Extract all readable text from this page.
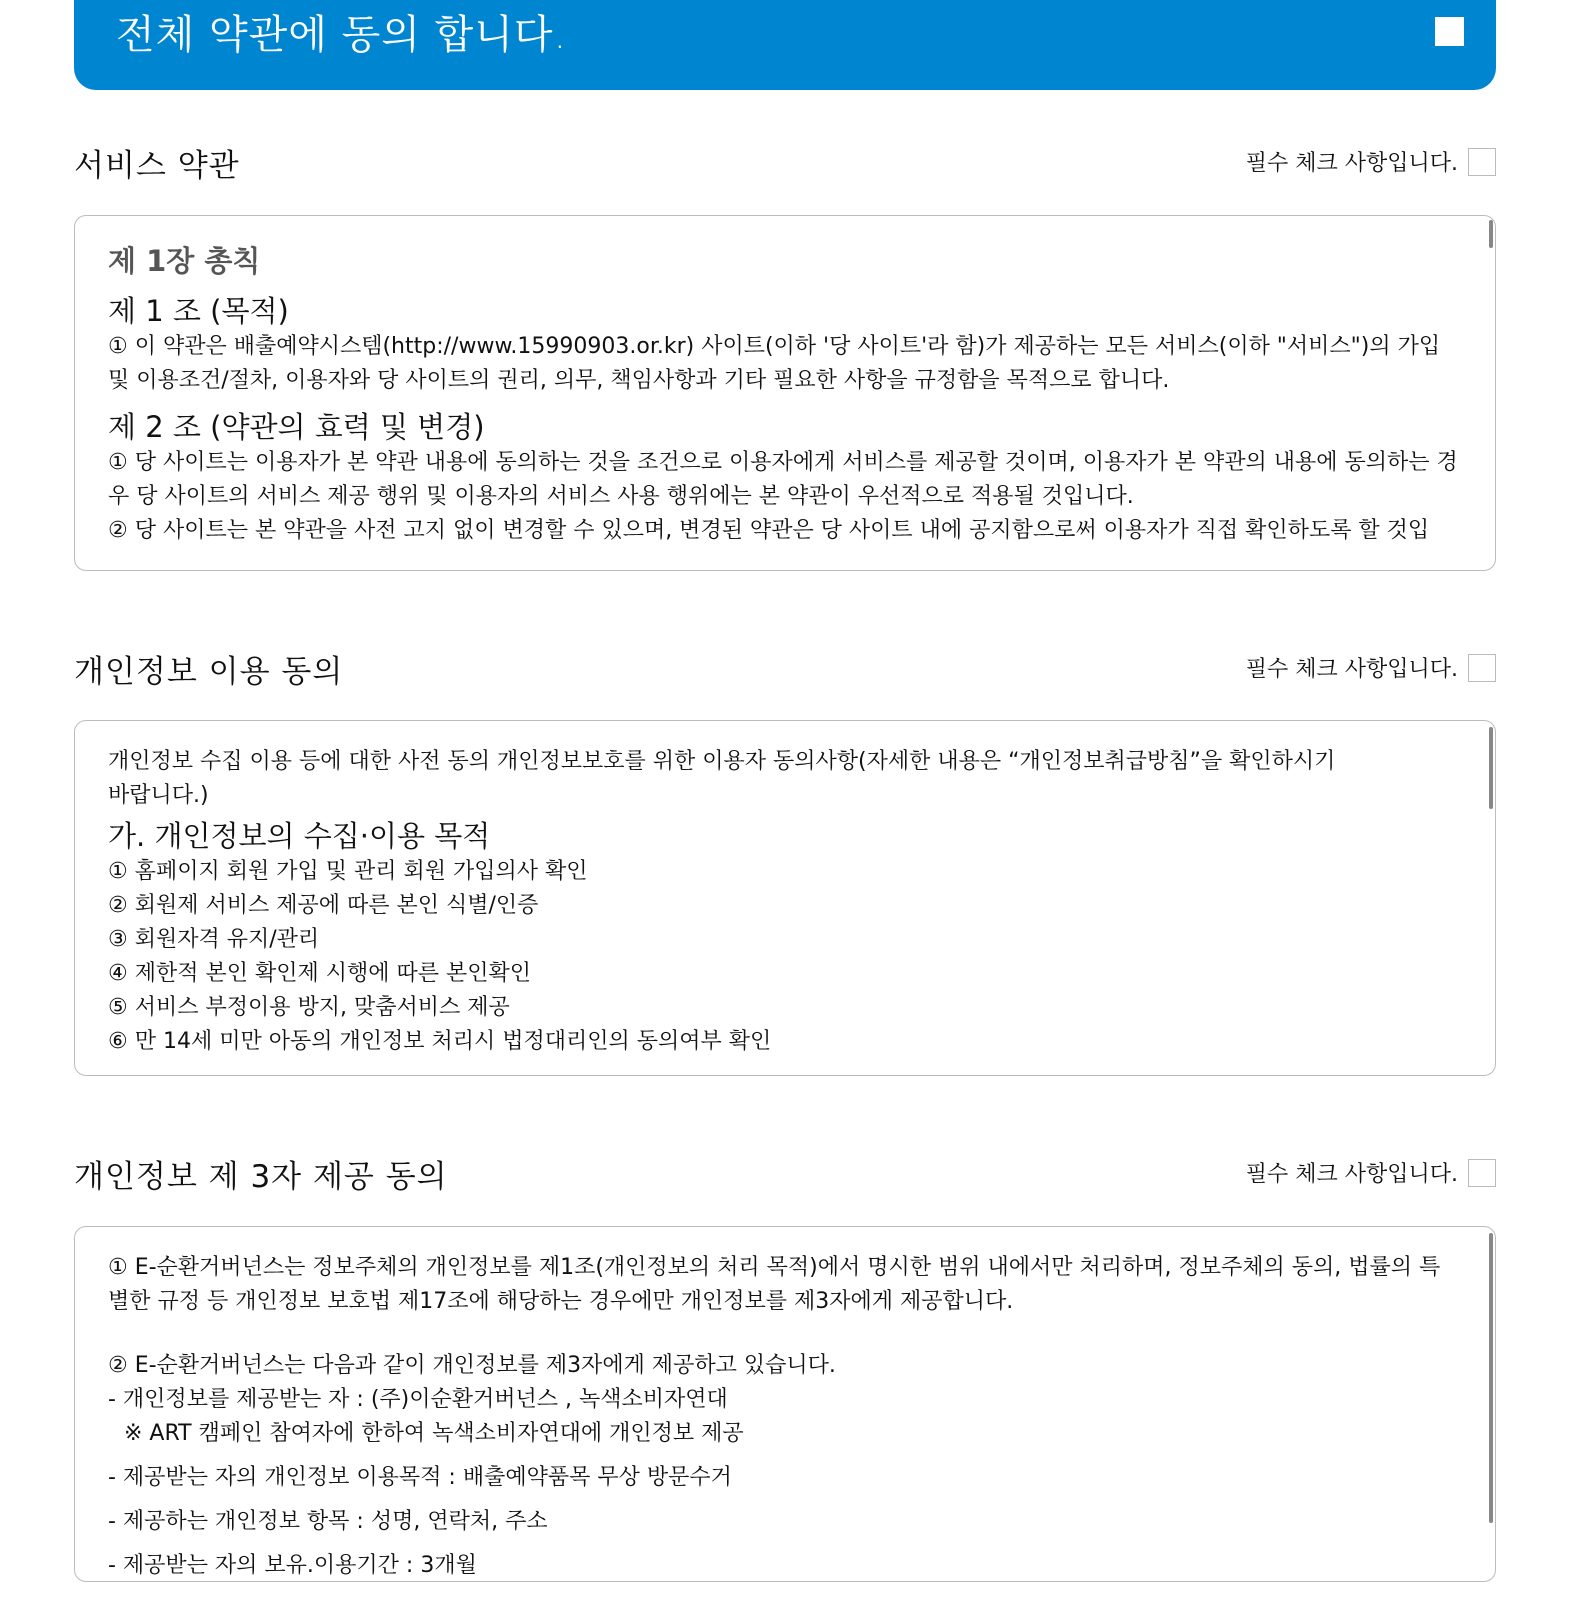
전체 약관에 동의 합니다.
서비스 약관	필수 체크 사항입니다.
제 1장 총칙
제 1 조 (목적)
① 이 약관은 배출예약시스템(http://www.15990903.or.kr) 사이트(이하 '당 사이트'라 함)가 제공하는 모든 서비스(이하 "서비스")의 가입 및 이용조건/절차, 이용자와 당 사이트의 권리, 의무, 책임사항과 기타 필요한 사항을 규정함을 목적으로 합니다.
제 2 조 (약관의 효력 및 변경)
① 당 사이트는 이용자가 본 약관 내용에 동의하는 것을 조건으로 이용자에게 서비스를 제공할 것이며, 이용자가 본 약관의 내용에 동의하는 경우 당 사이트의 서비스 제공 행위 및 이용자의 서비스 사용 행위에는 본 약관이 우선적으로 적용될 것입니다.
② 당 사이트는 본 약관을 사전 고지 없이 변경할 수 있으며, 변경된 약관은 당 사이트 내에 공지함으로써 이용자가 직접 확인하도록 할 것입
개인정보 이용 동의	필수 체크 사항입니다.
개인정보 수집 이용 등에 대한 사전 동의 개인정보보호를 위한 이용자 동의사항(자세한 내용은 “개인정보취급방침”을 확인하시기 바랍니다.)
가. 개인정보의 수집·이용 목적
① 홈페이지 회원 가입 및 관리 회원 가입의사 확인
② 회원제 서비스 제공에 따른 본인 식별/인증
③ 회원자격 유지/관리
④ 제한적 본인 확인제 시행에 따른 본인확인
⑤ 서비스 부정이용 방지, 맞춤서비스 제공
⑥ 만 14세 미만 아동의 개인정보 처리시 법정대리인의 동의여부 확인
개인정보 제 3자 제공 동의	필수 체크 사항입니다.
① E-순환거버넌스는 정보주체의 개인정보를 제1조(개인정보의 처리 목적)에서 명시한 범위 내에서만 처리하며, 정보주체의 동의, 법률의 특별한 규정 등 개인정보 보호법 제17조에 해당하는 경우에만 개인정보를 제3자에게 제공합니다.
② E-순환거버넌스는 다음과 같이 개인정보를 제3자에게 제공하고 있습니다.
- 개인정보를 제공받는 자 : (주)이순환거버넌스 , 녹색소비자연대
※ ART 캠페인 참여자에 한하여 녹색소비자연대에 개인정보 제공
- 제공받는 자의 개인정보 이용목적 : 배출예약품목 무상 방문수거
- 제공하는 개인정보 항목 : 성명, 연락처, 주소
- 제공받는 자의 보유.이용기간 : 3개월
